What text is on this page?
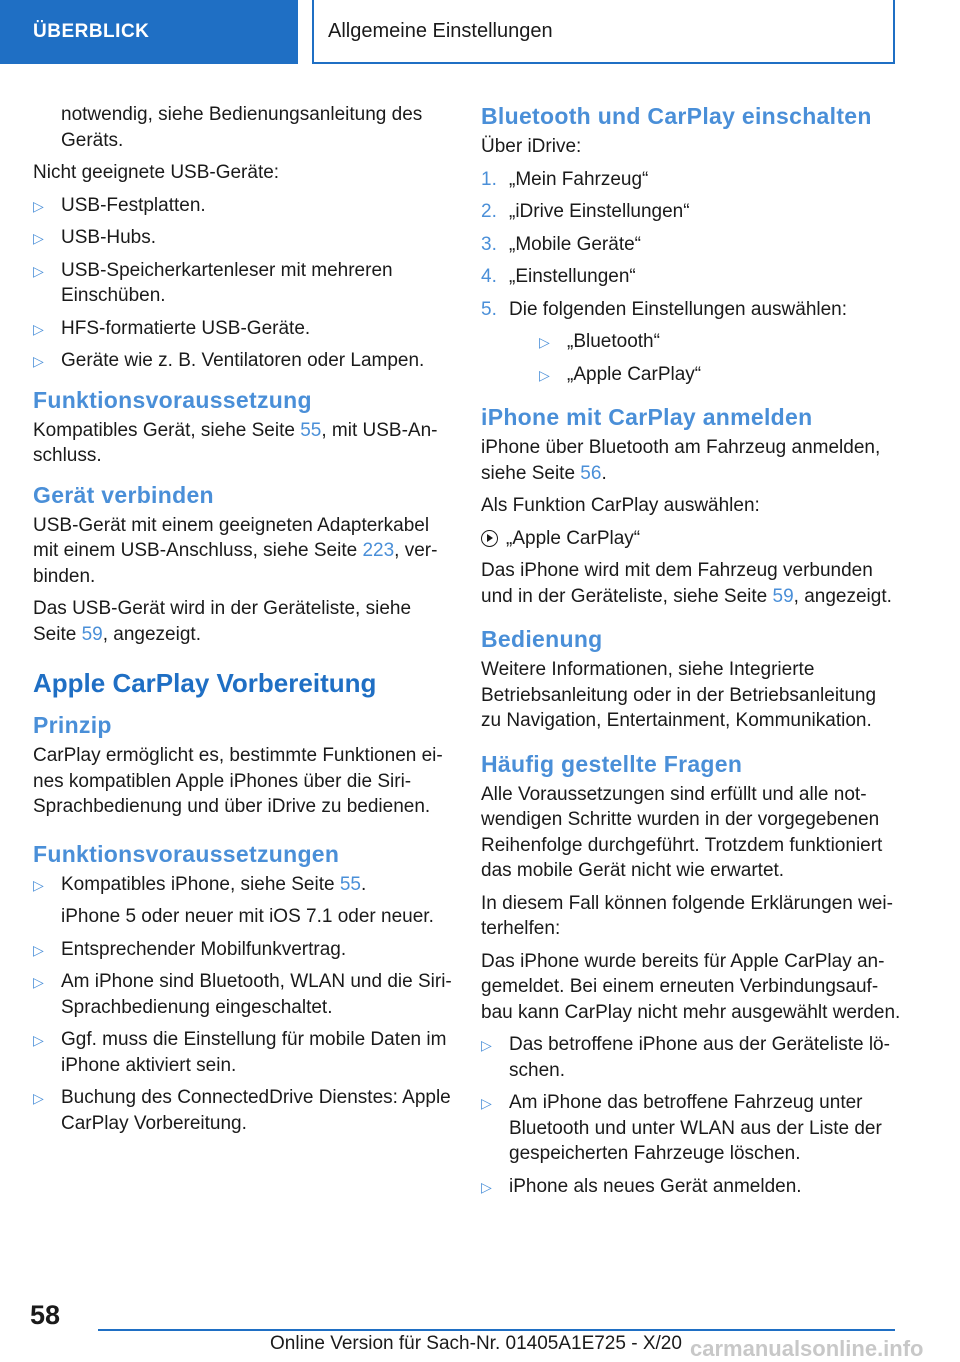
ÜBERBLICK	Allgemeine Einstellungen

notwendig, siehe Bedienungsanleitung des Geräts.

Nicht geeignete USB-Geräte:

▷ USB-Festplatten.
▷ USB-Hubs.
▷ USB-Speicherkartenleser mit mehreren Einschüben.
▷ HFS-formatierte USB-Geräte.
▷ Geräte wie z. B. Ventilatoren oder Lampen.
Funktionsvoraussetzung

Kompatibles Gerät, siehe Seite 55, mit USB-Anschluss.

Gerät verbinden

USB-Gerät mit einem geeigneten Adapterkabel mit einem USB-Anschluss, siehe Seite 223, verbinden.

Das USB-Gerät wird in der Geräteliste, siehe Seite 59, angezeigt.

Apple CarPlay Vorbereitung
Prinzip

CarPlay ermöglicht es, bestimmte Funktionen eines kompatiblen Apple iPhones über die Siri-Sprachbedienung und über iDrive zu bedienen.

Funktionsvoraussetzungen
▷ Kompatibles iPhone, siehe Seite 55.
iPhone 5 oder neuer mit iOS 7.1 oder neuer.
▷ Entsprechender Mobilfunkvertrag.
▷ Am iPhone sind Bluetooth, WLAN und die Siri-Sprachbedienung eingeschaltet.
▷ Ggf. muss die Einstellung für mobile Daten im iPhone aktiviert sein.
▷ Buchung des ConnectedDrive Dienstes: Apple CarPlay Vorbereitung.
Bluetooth und CarPlay einschalten

Über iDrive:

1. „Mein Fahrzeug“
2. „iDrive Einstellungen“
3. „Mobile Geräte“
4. „Einstellungen“
5. Die folgenden Einstellungen auswählen:
▷ „Bluetooth“
▷ „Apple CarPlay“
iPhone mit CarPlay anmelden

iPhone über Bluetooth am Fahrzeug anmelden, siehe Seite 56.

Als Funktion CarPlay auswählen:

„Apple CarPlay“

Das iPhone wird mit dem Fahrzeug verbunden und in der Geräteliste, siehe Seite 59, angezeigt.

Bedienung

Weitere Informationen, siehe Integrierte Betriebsanleitung oder in der Betriebsanleitung zu Navigation, Entertainment, Kommunikation.

Häufig gestellte Fragen

Alle Voraussetzungen sind erfüllt und alle notwendigen Schritte wurden in der vorgegebenen Reihenfolge durchgeführt. Trotzdem funktioniert das mobile Gerät nicht wie erwartet.

In diesem Fall können folgende Erklärungen weiterhelfen:

Das iPhone wurde bereits für Apple CarPlay angemeldet. Bei einem erneuten Verbindungsaufbau kann CarPlay nicht mehr ausgewählt werden.

▷ Das betroffene iPhone aus der Geräteliste löschen.
▷ Am iPhone das betroffene Fahrzeug unter Bluetooth und unter WLAN aus der Liste der gespeicherten Fahrzeuge löschen.
▷ iPhone als neues Gerät anmelden.
58
Online Version für Sach-Nr. 01405A1E725 - X/20 carmanualsonline.info
